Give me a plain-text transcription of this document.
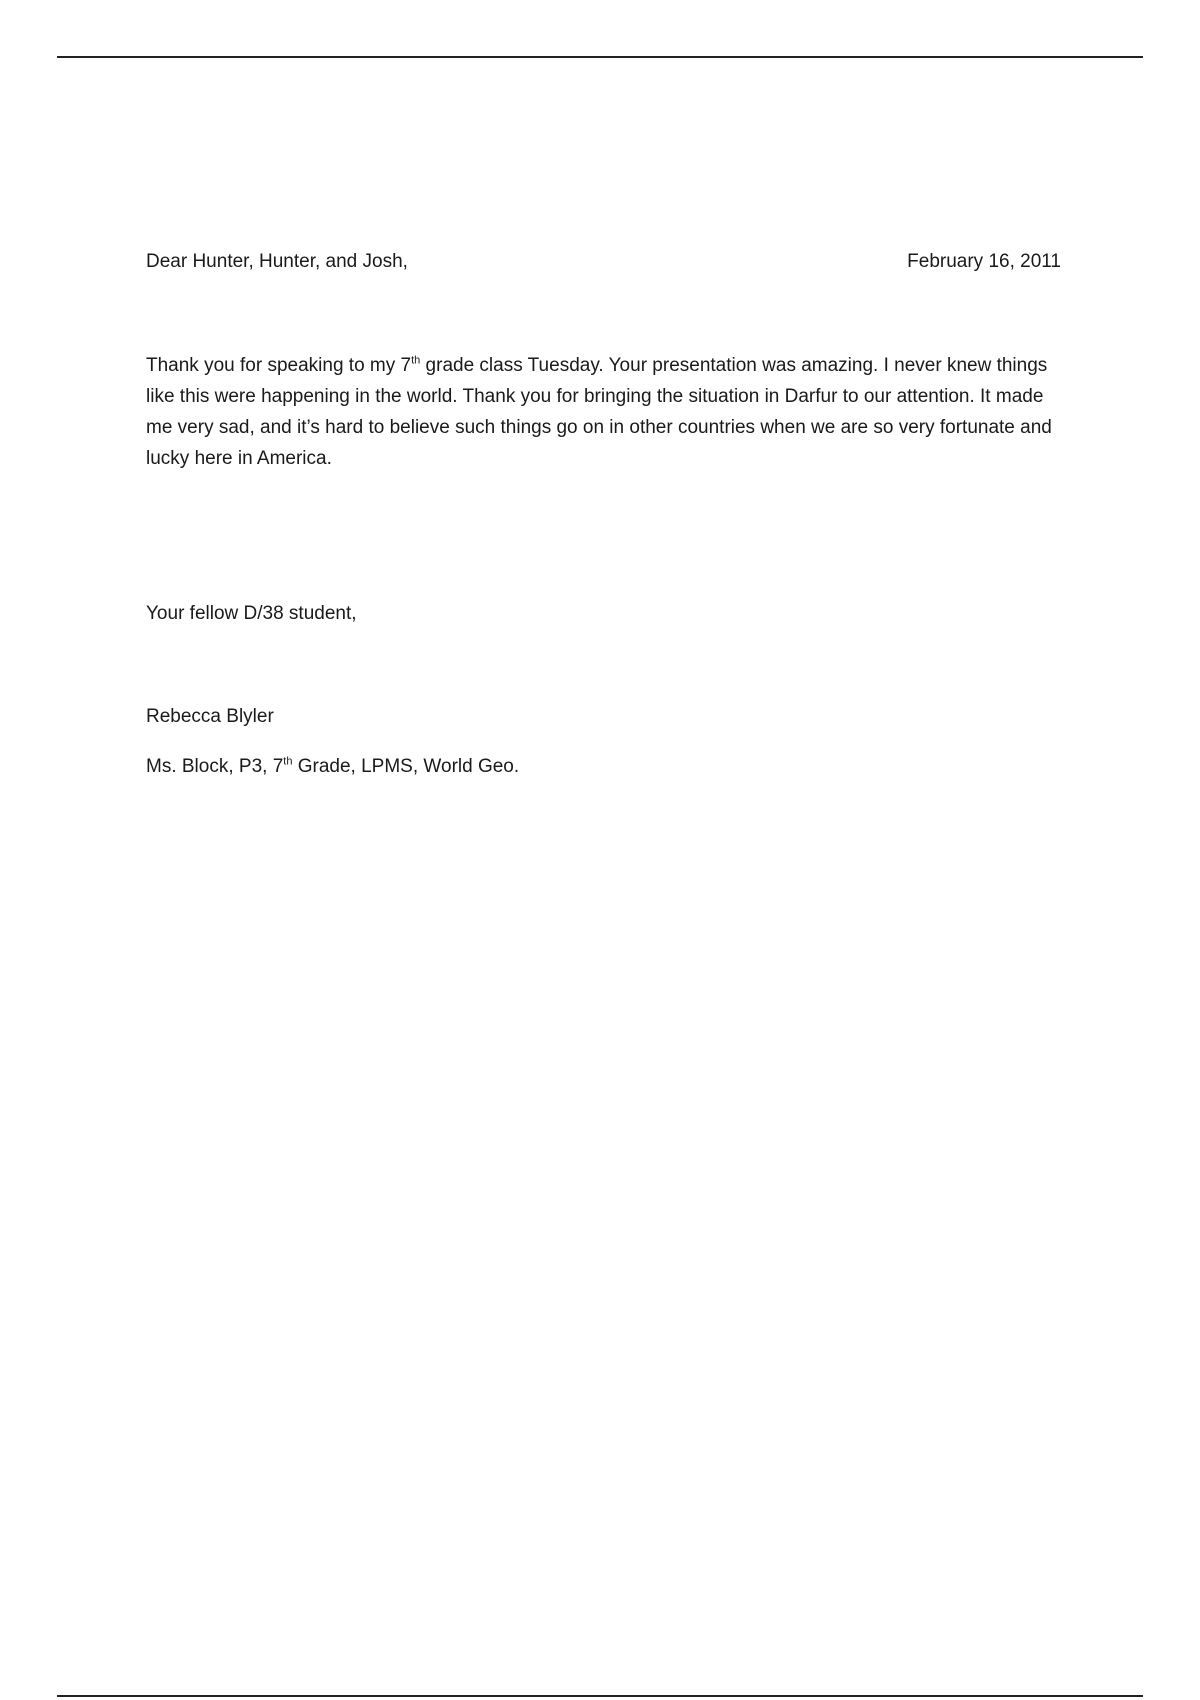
Dear Hunter, Hunter, and Josh,	February 16, 2011

Thank you for speaking to my 7th grade class Tuesday. Your presentation was amazing. I never knew things like this were happening in the world. Thank you for bringing the situation in Darfur to our attention. It made me very sad, and it’s hard to believe such things go on in other countries when we are so very fortunate and lucky here in America.

Your fellow D/38 student,
Rebecca Blyler
Ms. Block, P3, 7th Grade, LPMS, World Geo.
